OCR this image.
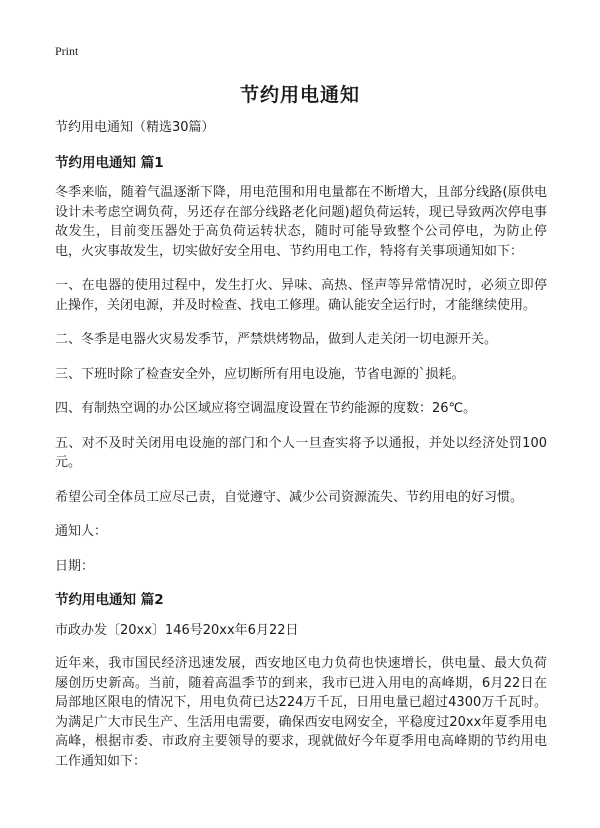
Print
节约用电通知

节约用电通知（精选30篇）

节约用电通知 篇1

冬季来临，随着气温逐渐下降，用电范围和用电量都在不断增大，且部分线路(原供电设计未考虑空调负荷，另还存在部分线路老化问题)超负荷运转，现已导致两次停电事故发生，目前变压器处于高负荷运转状态，随时可能导致整个公司停电，为防止停电，火灾事故发生，切实做好安全用电、节约用电工作，特将有关事项通知如下：

一、在电器的使用过程中，发生打火、异味、高热、怪声等异常情况时，必须立即停止操作，关闭电源，并及时检查、找电工修理。确认能安全运行时，才能继续使用。

二、冬季是电器火灾易发季节，严禁烘烤物品，做到人走关闭一切电源开关。

三、下班时除了检查安全外，应切断所有用电设施，节省电源的`损耗。

四、有制热空调的办公区域应将空调温度设置在节约能源的度数：26℃。

五、对不及时关闭用电设施的部门和个人一旦查实将予以通报，并处以经济处罚100元。

希望公司全体员工应尽己责，自觉遵守、减少公司资源流失、节约用电的好习惯。

通知人：

日期：

节约用电通知 篇2

市政办发〔20xx〕146号20xx年6月22日

近年来，我市国民经济迅速发展，西安地区电力负荷也快速增长，供电量、最大负荷屡创历史新高。当前，随着高温季节的到来，我市已进入用电的高峰期，6月22日在局部地区限电的情况下，用电负荷已达224万千瓦，日用电量已超过4300万千瓦时。为满足广大市民生产、生活用电需要，确保西安电网安全，平稳度过20xx年夏季用电高峰，根据市委、市政府主要领导的要求，现就做好今年夏季用电高峰期的节约用电工作通知如下：
